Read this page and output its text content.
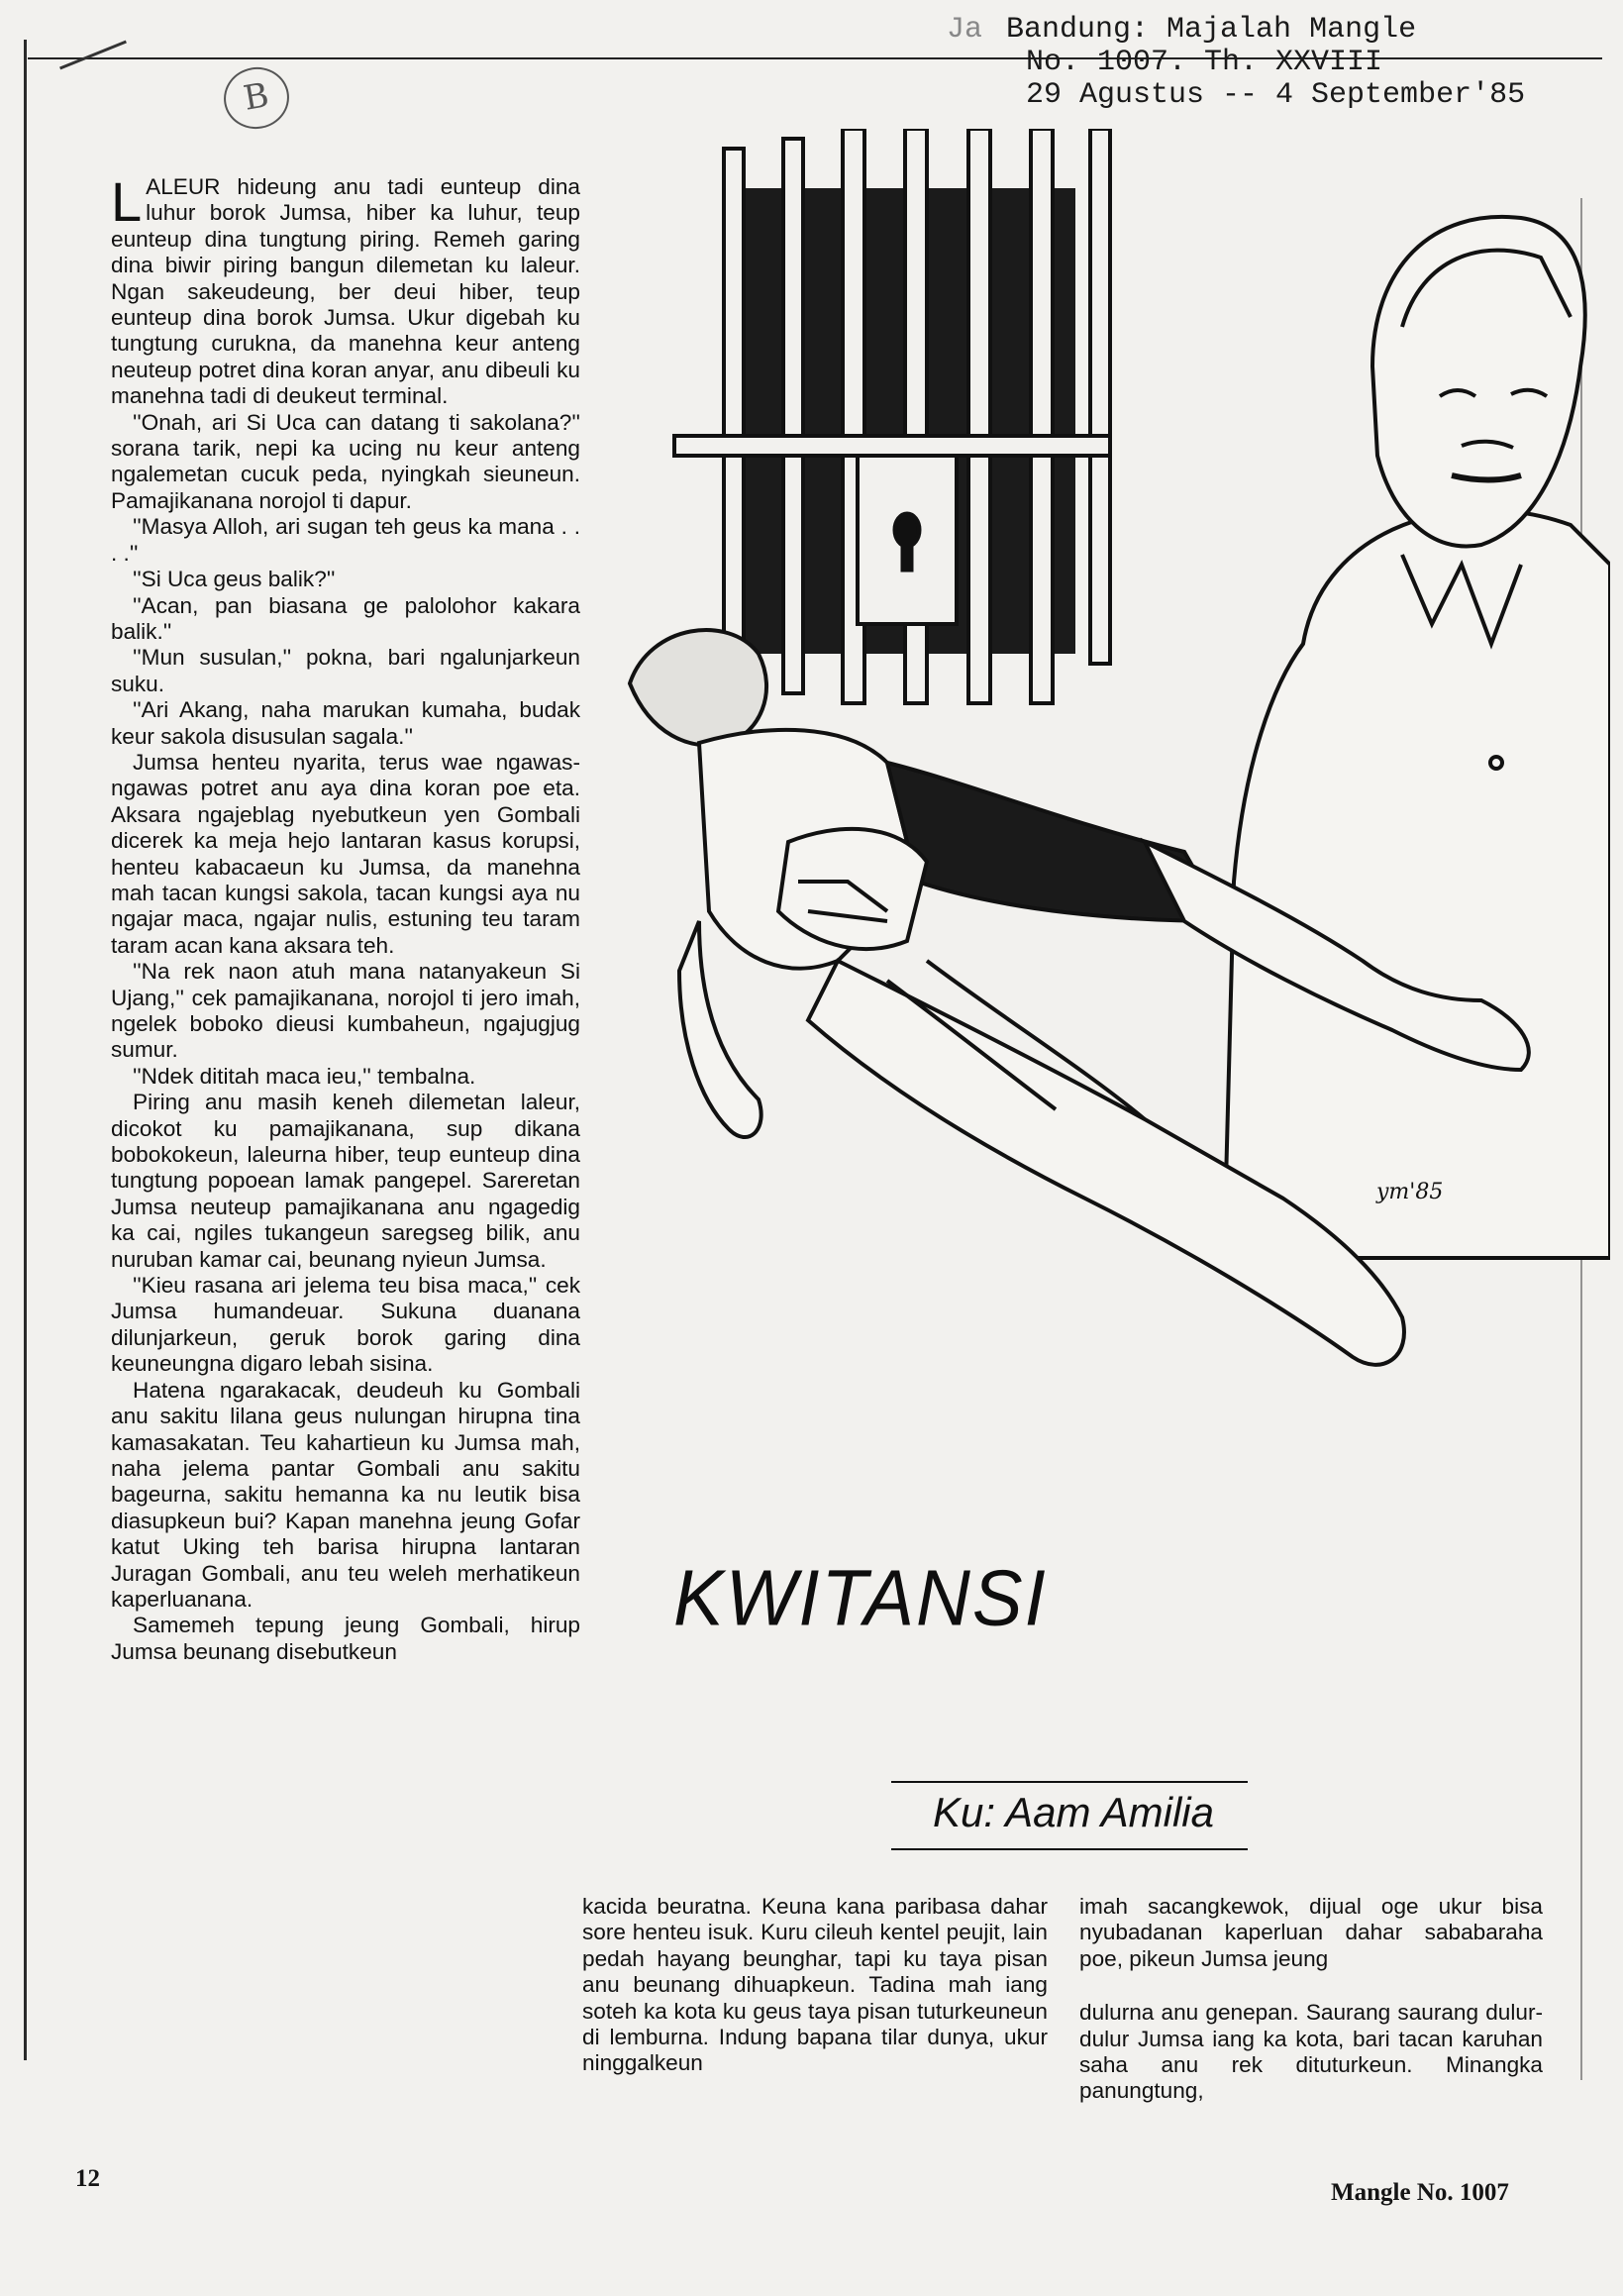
B
Ja Bandung: Majalah Mangle
No. 1007. Th. XXVIII
29 Agustus -- 4 September'85

LALEUR hideung anu tadi eunteup dina luhur borok Jumsa, hiber ka luhur, teup eunteup dina tungtung piring. Remeh garing dina biwir piring bangun dilemetan ku laleur. Ngan sakeudeung, ber deui hiber, teup eunteup dina borok Jumsa. Ukur digebah ku tungtung curukna, da manehna keur anteng neuteup potret dina koran anyar, anu dibeuli ku manehna tadi di deukeut terminal.

''Onah, ari Si Uca can datang ti sakolana?'' sorana tarik, nepi ka ucing nu keur anteng ngalemetan cucuk peda, nyingkah sieuneun. Pamajikanana norojol ti dapur.

''Masya Alloh, ari sugan teh geus ka mana . . . .''

''Si Uca geus balik?''

''Acan, pan biasana ge palolohor kakara balik.''

''Mun susulan,'' pokna, bari ngalunjarkeun suku.

''Ari Akang, naha marukan kumaha, budak keur sakola disusulan sagala.''

Jumsa henteu nyarita, terus wae ngawas-ngawas potret anu aya dina koran poe eta. Aksara ngajeblag nyebutkeun yen Gombali dicerek ka meja hejo lantaran kasus korupsi, henteu kabacaeun ku Jumsa, da manehna mah tacan kungsi sakola, tacan kungsi aya nu ngajar maca, ngajar nulis, estuning teu taram taram acan kana aksara teh.

''Na rek naon atuh mana natanyakeun Si Ujang,'' cek pamajikanana, norojol ti jero imah, ngelek boboko dieusi kumbaheun, ngajugjug sumur.

''Ndek dititah maca ieu,'' tembalna.

Piring anu masih keneh dilemetan laleur, dicokot ku pamajikanana, sup dikana bobokokeun, laleurna hiber, teup eunteup dina tungtung popoean lamak pangepel. Sareretan Jumsa neuteup pamajikanana anu ngagedig ka cai, ngiles tukangeun saregseg bilik, anu nuruban kamar cai, beunang nyieun Jumsa.

''Kieu rasana ari jelema teu bisa maca,'' cek Jumsa humandeuar. Sukuna duanana dilunjarkeun, geruk borok garing dina keuneungna digaro lebah sisina.

Hatena ngarakacak, deudeuh ku Gombali anu sakitu lilana geus nulungan hirupna tina kamasakatan. Teu kahartieun ku Jumsa mah, naha jelema pantar Gombali anu sakitu bageurna, sakitu hemanna ka nu leutik bisa diasupkeun bui? Kapan manehna jeung Gofar katut Uking teh barisa hirupna lantaran Juragan Gombali, anu teu weleh merhatikeun kaperluanana.

Samemeh tepung jeung Gombali, hirup Jumsa beunang disebutkeun

ym'85
KWITANSI
Ku: Aam Amilia

kacida beuratna. Keuna kana paribasa dahar sore henteu isuk. Kuru cileuh kentel peujit, lain pedah hayang beunghar, tapi ku taya pisan anu beunang dihuapkeun. Tadina mah iang soteh ka kota ku geus taya pisan tuturkeuneun di lemburna. Indung bapana tilar dunya, ukur ninggalkeun

imah sacangkewok, dijual oge ukur bisa nyubadanan kaperluan dahar sababaraha poe, pikeun Jumsa jeung

dulurna anu genepan. Saurang saurang dulur-dulur Jumsa iang ka kota, bari tacan karuhan saha anu rek dituturkeun. Minangka panungtung,

12
Mangle No. 1007
